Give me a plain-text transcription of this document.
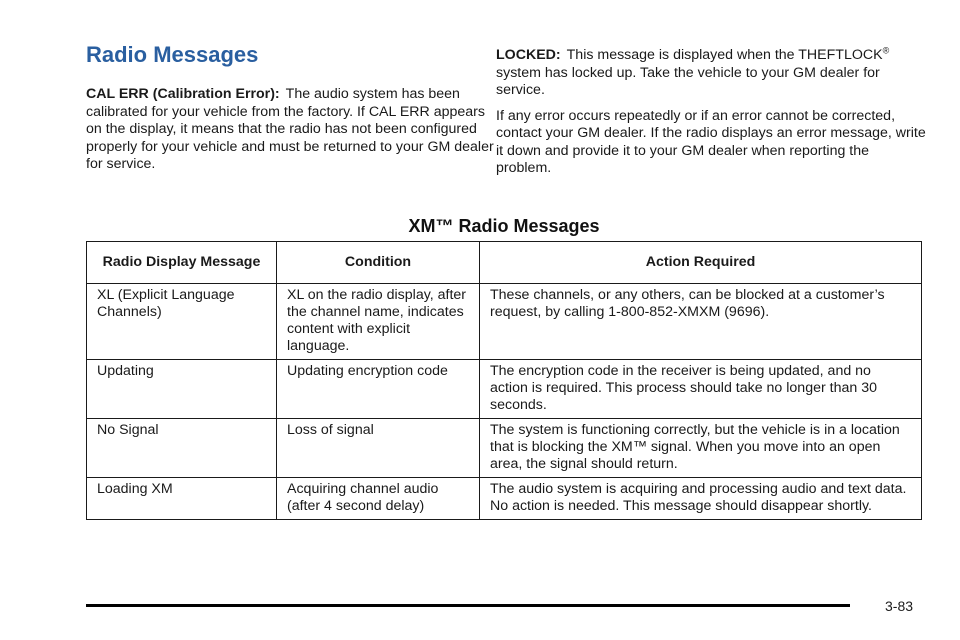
Radio Messages

CAL ERR (Calibration Error): The audio system has been calibrated for your vehicle from the factory. If CAL ERR appears on the display, it means that the radio has not been configured properly for your vehicle and must be returned to your GM dealer for service.

LOCKED: This message is displayed when the THEFTLOCK® system has locked up. Take the vehicle to your GM dealer for service.

If any error occurs repeatedly or if an error cannot be corrected, contact your GM dealer. If the radio displays an error message, write it down and provide it to your GM dealer when reporting the problem.

XM™ Radio Messages
Radio Display Message	Condition	Action Required
XL (Explicit Language Channels)	XL on the radio display, after the channel name, indicates content with explicit language.	These channels, or any others, can be blocked at a customer’s request, by calling 1-800-852-XMXM (9696).
Updating	Updating encryption code	The encryption code in the receiver is being updated, and no action is required. This process should take no longer than 30 seconds.
No Signal	Loss of signal	The system is functioning correctly, but the vehicle is in a location that is blocking the XM™ signal. When you move into an open area, the signal should return.
Loading XM	Acquiring channel audio (after 4 second delay)	The audio system is acquiring and processing audio and text data. No action is needed. This message should disappear shortly.
3-83
